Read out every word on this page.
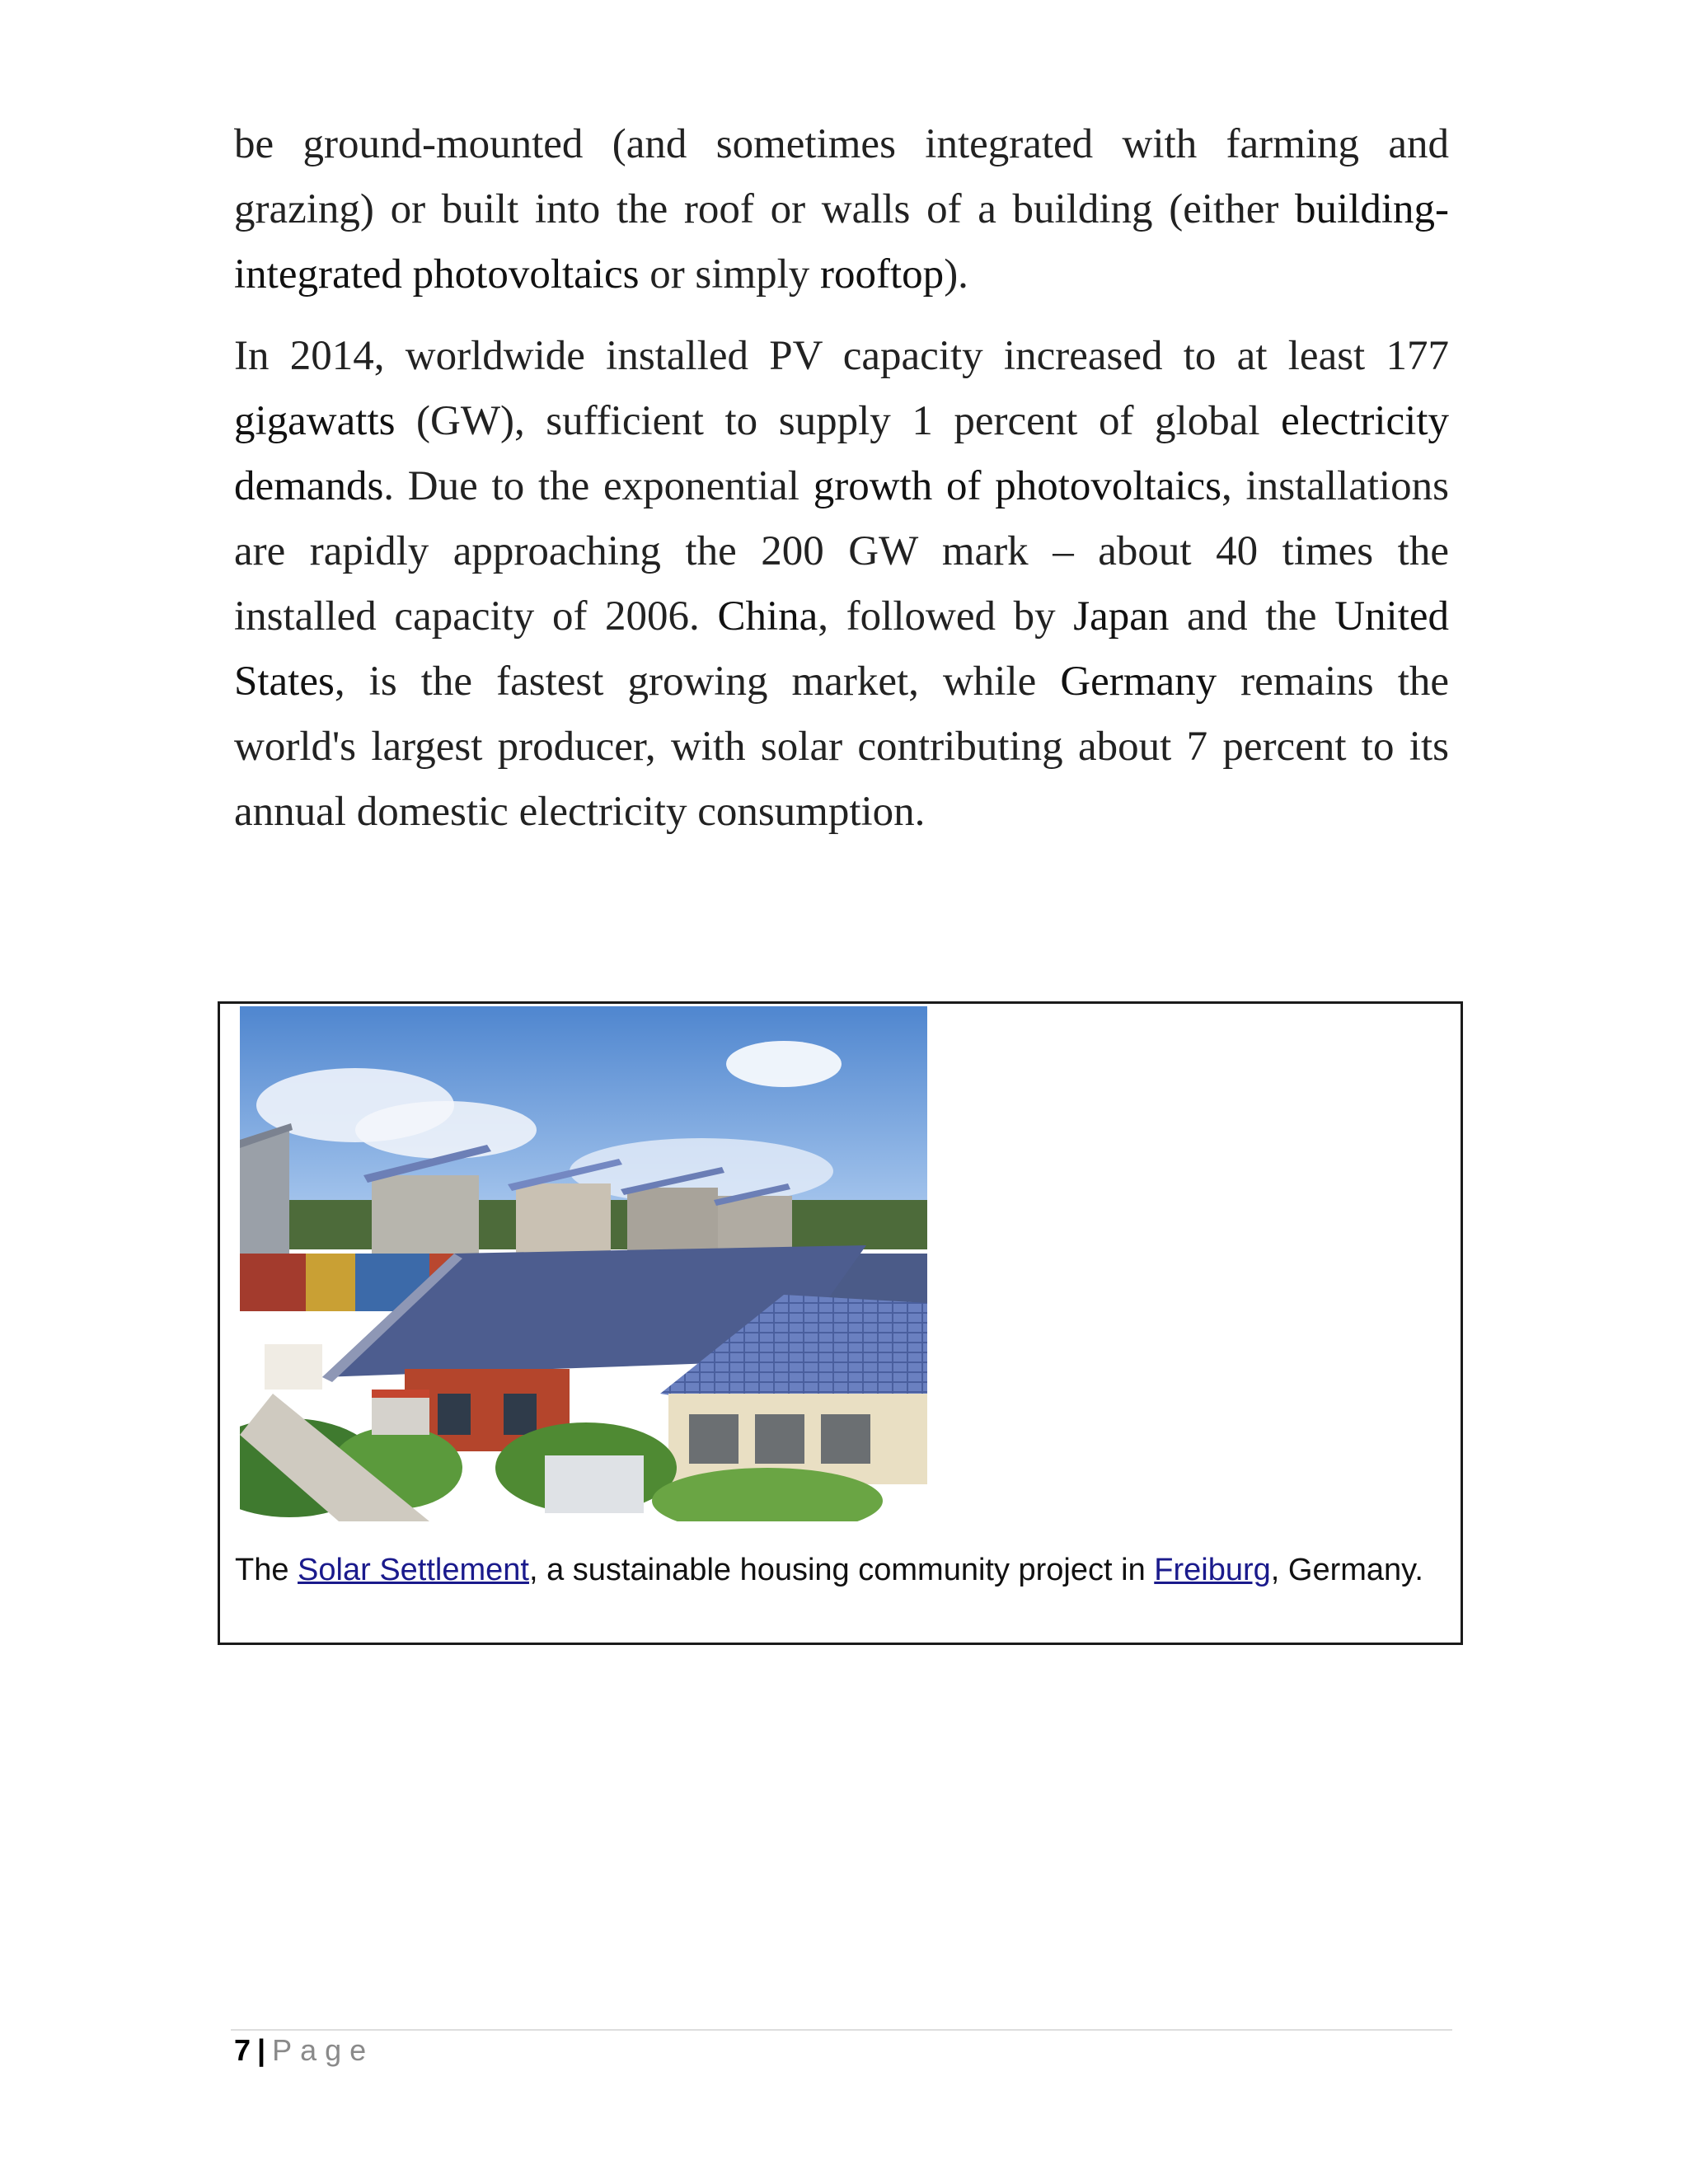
be ground-mounted (and sometimes integrated with farming and grazing) or built into the roof or walls of a building (either building-integrated photovoltaics or simply rooftop).

In 2014, worldwide installed PV capacity increased to at least 177 gigawatts (GW), sufficient to supply 1 percent of global electricity demands. Due to the exponential growth of photovoltaics, installations are rapidly approaching the 200 GW mark – about 40 times the installed capacity of 2006. China, followed by Japan and the United States, is the fastest growing market, while Germany remains the world's largest producer, with solar contributing about 7 percent to its annual domestic electricity consumption.

The Solar Settlement, a sustainable housing community project in Freiburg, Germany.

7 | Page
